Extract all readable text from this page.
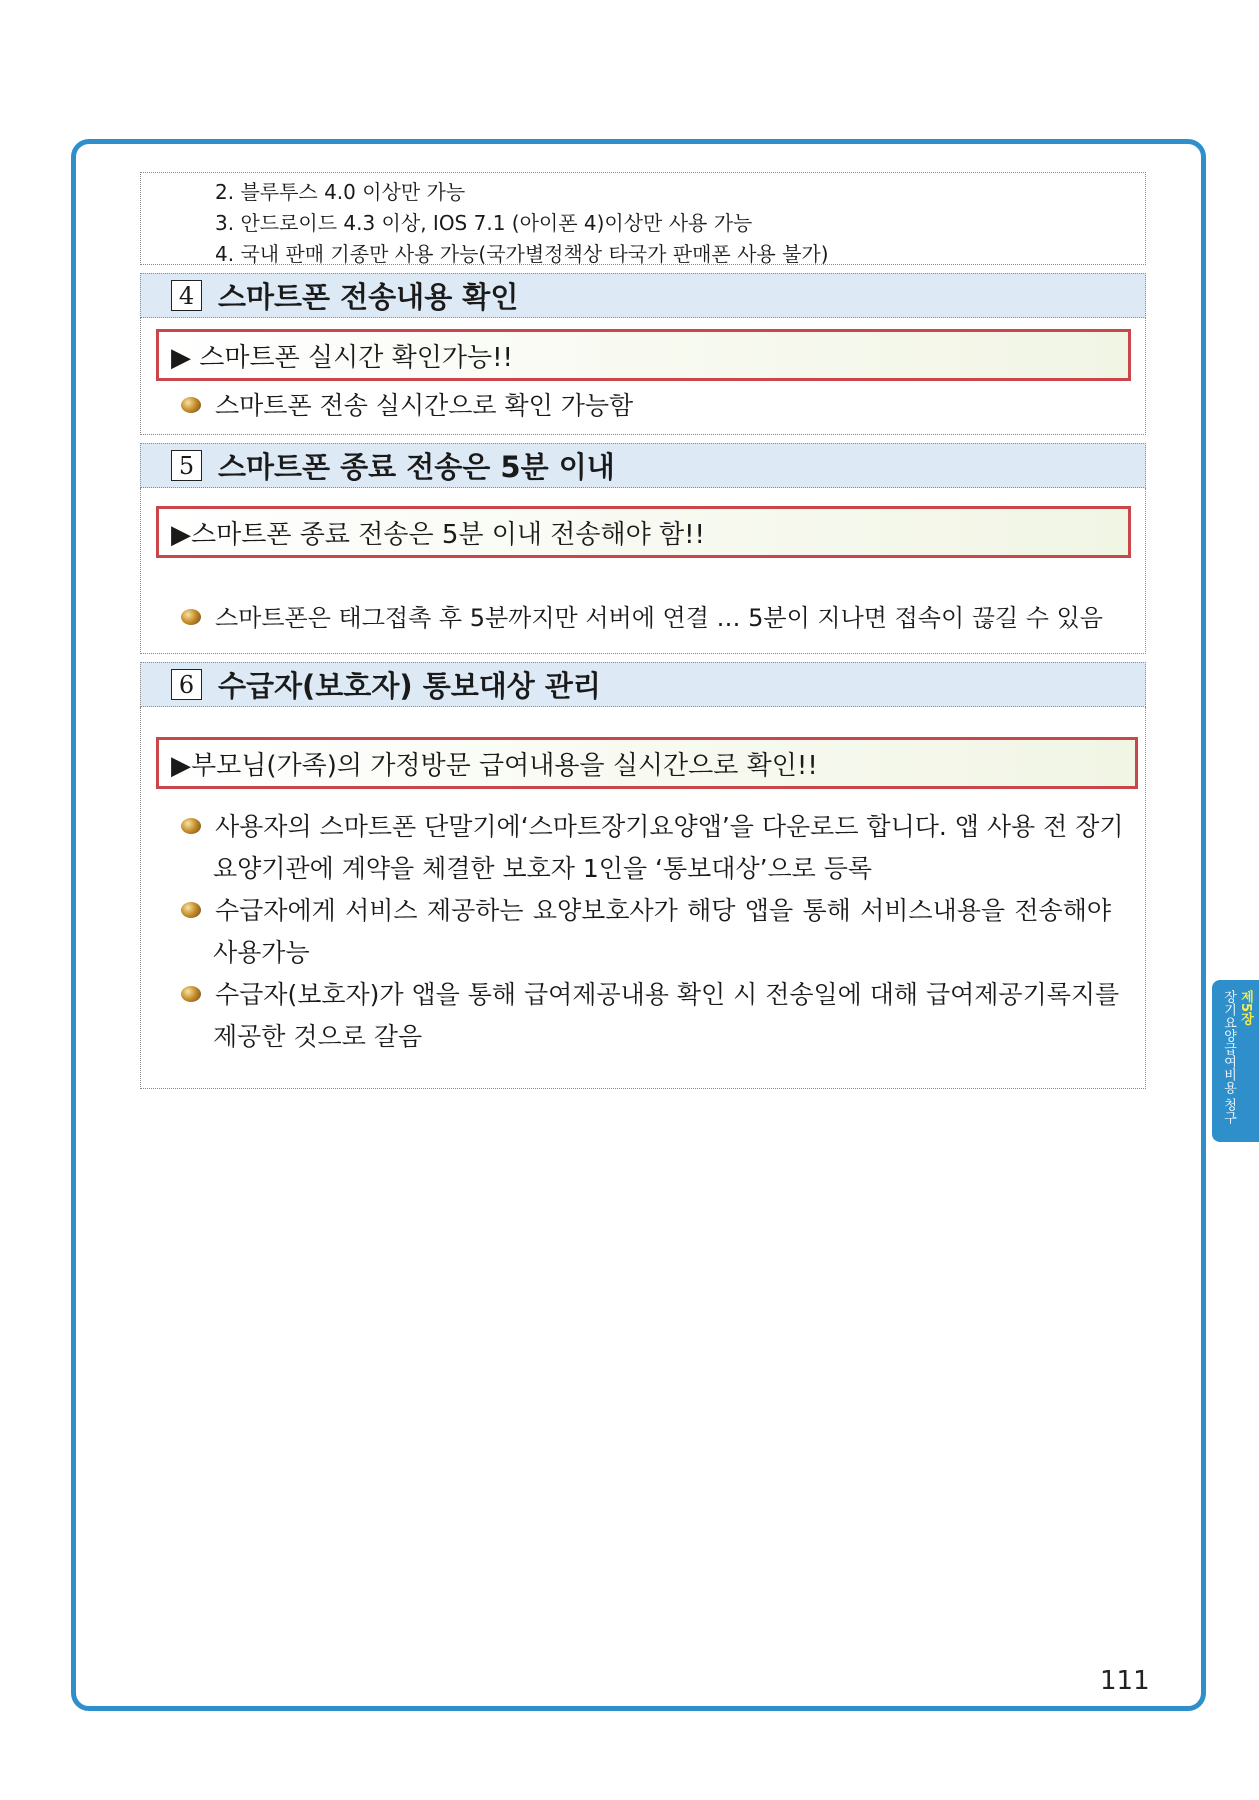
제5장
장기요양급여비용 청구
2. 블루투스 4.0 이상만 가능
3. 안드로이드 4.3 이상, IOS 7.1 (아이폰 4)이상만 사용 가능
4. 국내 판매 기종만 사용 가능(국가별정책상 타국가 판매폰 사용 불가)
4 스마트폰 전송내용 확인
▶ 스마트폰 실시간 확인가능!!
스마트폰 전송 실시간으로 확인 가능함
5 스마트폰 종료 전송은 5분 이내
▶스마트폰 종료 전송은 5분 이내 전송해야 함!!
스마트폰은 태그접촉 후 5분까지만 서버에 연결 … 5분이 지나면 접속이 끊길 수 있음
6 수급자(보호자) 통보대상 관리
▶부모님(가족)의 가정방문 급여내용을 실시간으로 확인!!
사용자의 스마트폰 단말기에‘스마트장기요양앱’을 다운로드 합니다. 앱 사용 전 장기
요양기관에 계약을 체결한 보호자 1인을 ‘통보대상’으로 등록
수급자에게 서비스 제공하는 요양보호사가 해당 앱을 통해 서비스내용을 전송해야
사용가능
수급자(보호자)가 앱을 통해 급여제공내용 확인 시 전송일에 대해 급여제공기록지를
제공한 것으로 갈음
111
